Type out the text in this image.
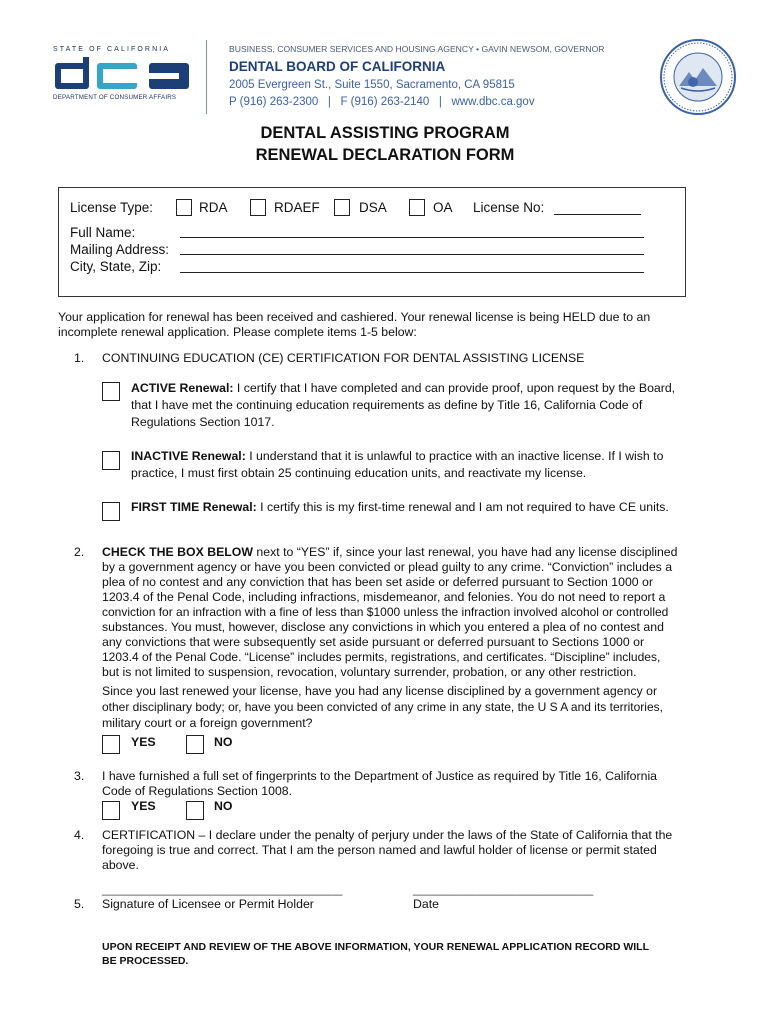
STATE OF CALIFORNIA
dca
DEPARTMENT OF CONSUMER AFFAIRS
BUSINESS, CONSUMER SERVICES AND HOUSING AGENCY • GAVIN NEWSOM, GOVERNOR
DENTAL BOARD OF CALIFORNIA
2005 Evergreen St., Suite 1550, Sacramento, CA 95815
P (916) 263-2300   |   F (916) 263-2140   |   www.dbc.ca.gov
DENTAL ASSISTING PROGRAM
RENEWAL DECLARATION FORM
License Type:	RDA	RDAEF	DSA	OA License No:
Full Name:
Mailing Address:
City, State, Zip:
Your application for renewal has been received and cashiered. Your renewal license is being HELD due to an
incomplete renewal application. Please complete items 1-5 below:
1. CONTINUING EDUCATION (CE) CERTIFICATION FOR DENTAL ASSISTING LICENSE
ACTIVE Renewal: I certify that I have completed and can provide proof, upon request by the Board,
that I have met the continuing education requirements as define by Title 16, California Code of
Regulations Section 1017.
INACTIVE Renewal: I understand that it is unlawful to practice with an inactive license. If I wish to
practice, I must first obtain 25 continuing education units, and reactivate my license.
FIRST TIME Renewal: I certify this is my first-time renewal and I am not required to have CE units.
2. CHECK THE BOX BELOW next to “YES” if, since your last renewal, you have had any license disciplined
by a government agency or have you been convicted or plead guilty to any crime. “Conviction” includes a
plea of no contest and any conviction that has been set aside or deferred pursuant to Section 1000 or
1203.4 of the Penal Code, including infractions, misdemeanor, and felonies. You do not need to report a
conviction for an infraction with a fine of less than $1000 unless the infraction involved alcohol or controlled
substances. You must, however, disclose any convictions in which you entered a plea of no contest and
any convictions that were subsequently set aside pursuant or deferred pursuant to Sections 1000 or
1203.4 of the Penal Code. “License” includes permits, registrations, and certificates. “Discipline” includes,
but is not limited to suspension, revocation, voluntary surrender, probation, or any other restriction.
Since you last renewed your license, have you had any license disciplined by a government agency or
other disciplinary body; or, have you been convicted of any crime in any state, the U S A and its territories,
military court or a foreign government?
YES	NO
3. I have furnished a full set of fingerprints to the Department of Justice as required by Title 16, California
Code of Regulations Section 1008.
YES	NO
4. CERTIFICATION – I declare under the penalty of perjury under the laws of the State of California that the
foregoing is true and correct. That I am the person named and lawful holder of license or permit stated
above.
____________________________________	___________________________
5. Signature of Licensee or Permit Holder	Date
UPON RECEIPT AND REVIEW OF THE ABOVE INFORMATION, YOUR RENEWAL APPLICATION RECORD WILL
BE PROCESSED.
